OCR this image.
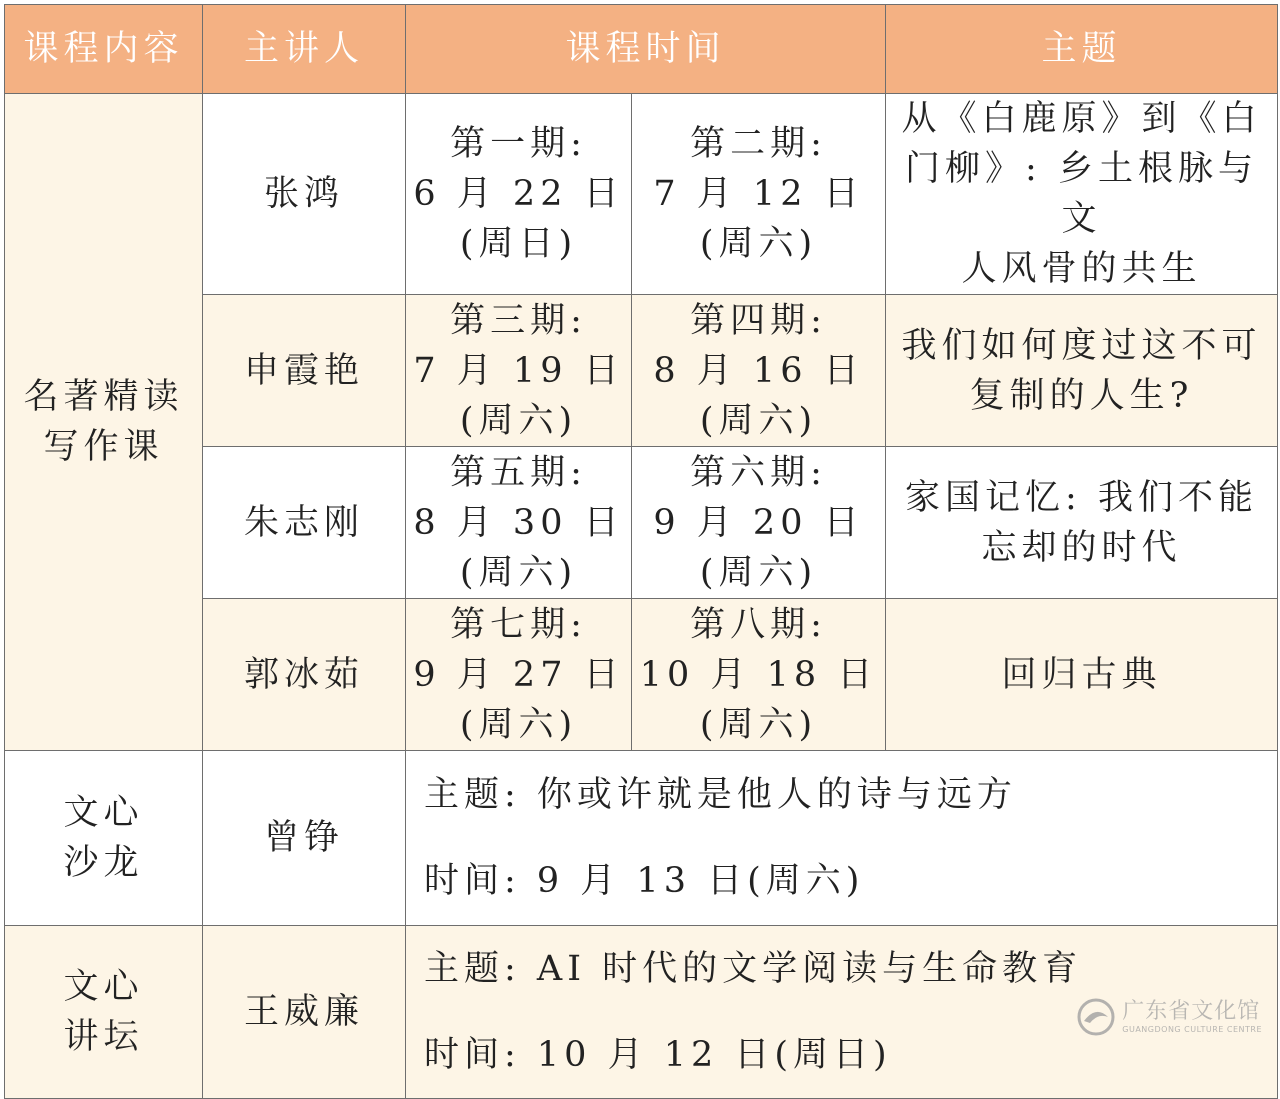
课程内容	主讲人	课程时间		主题

名著精读
写作课	张鸿	第一期:
6 月 22 日
(周日)	第二期:
7 月 12 日
(周六)	从《白鹿原》到《白
门柳》: 乡土根脉与文
人风骨的共生

	申霞艳	第三期:
7 月 19 日
(周六)	第四期:
8 月 16 日
(周六)	我们如何度过这不可
复制的人生?

	朱志刚	第五期:
8 月 30 日
(周六)	第六期:
9 月 20 日
(周六)	家国记忆: 我们不能
忘却的时代

	郭冰茹	第七期:
9 月 27 日
(周六)	第八期:
10 月 18 日
(周六)	回归古典

文心
沙龙	曾铮	主题: 你或许就是他人的诗与远方
时间: 9 月 13 日(周六)		

文心
讲坛	王威廉	主题: AI 时代的文学阅读与生命教育
时间: 10 月 12 日(周日)		
广东省文化馆
GUANGDONG CULTURE CENTRE
